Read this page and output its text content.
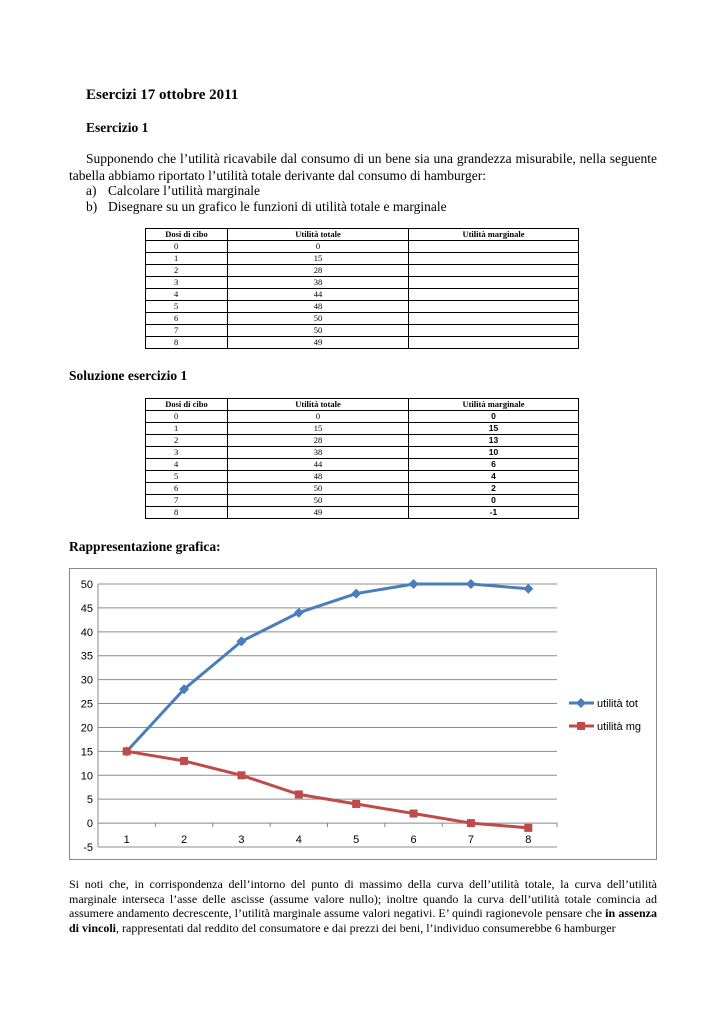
Esercizi 17 ottobre 2011
Esercizio 1
Supponendo che l’utilità ricavabile dal consumo di un bene sia una grandezza misurabile, nella seguente tabella abbiamo riportato l’utilità totale derivante dal consumo di hamburger:
a) Calcolare l’utilità marginale
b) Disegnare su un grafico le funzioni di utilità totale e marginale
Dosi di cibo	Utilità totale	Utilità marginale
0	0	
1	15	
2	28	
3	38	
4	44	
5	48	
6	50	
7	50	
8	49	
Soluzione esercizio 1
Dosi di cibo	Utilità totale	Utilità marginale
0	0	0
1	15	15
2	28	13
3	38	10
4	44	6
5	48	4
6	50	2
7	50	0
8	49	-1
Rappresentazione grafica:
50
45
40
35
30
25
20
15
10
5
0
-5
1	2	3	4	5	6	7	8
utilità tot
utilità mg
Si noti che, in corrispondenza dell’intorno del punto di massimo della curva dell’utilità totale, la curva dell’utilità marginale interseca l’asse delle ascisse (assume valore nullo); inoltre quando la curva dell’utilità totale comincia ad assumere andamento decrescente, l’utilità marginale assume valori negativi. E’ quindi ragionevole pensare che in assenza di vincoli, rappresentati dal reddito del consumatore e dai prezzi dei beni, l’individuo consumerebbe 6 hamburger
